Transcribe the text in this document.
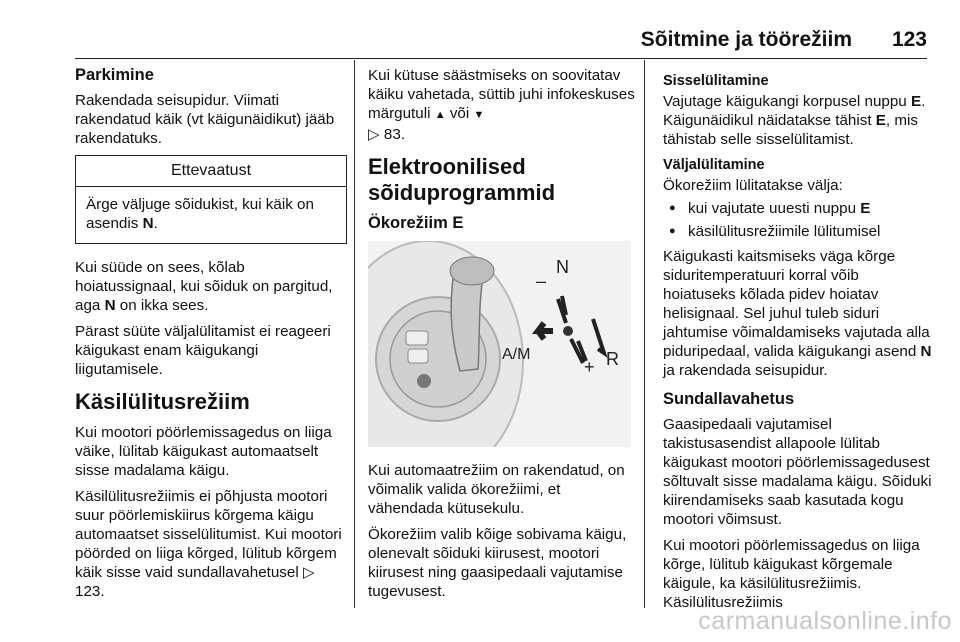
Sõitmine ja töörežiim 123
Parkimine

Rakendada seisupidur. Viimati rakendatud käik (vt käigunäidikut) jääb rakendatuks.

Ettevaatust
Ärge väljuge sõidukist, kui käik on asendis N.

Kui süüde on sees, kõlab hoiatussignaal, kui sõiduk on pargitud, aga N on ikka sees.

Pärast süüte väljalülitamist ei reageeri käigukast enam käigukangi liigutamisele.

Käsilülitusrežiim

Kui mootori pöörlemissagedus on liiga väike, lülitab käigukast automaatselt sisse madalama käigu.

Käsilülitusrežiimis ei põhjusta mootori suur pöörlemiskiirus kõrgema käigu automaatset sisselülitumist. Kui mootori pöörded on liiga kõrged, lülitub kõrgem käik sisse vaid sundallavahetusel ▷ 123.

Kui kütuse säästmiseks on soovitatav käiku vahetada, süttib juhi infokeskuses märgutuli ▲ või ▼
▷ 83.

Elektroonilised sõiduprogrammid
Ökorežiim E
N
–
A/M
+ R

Kui automaatrežiim on rakendatud, on võimalik valida ökorežiimi, et vähendada kütusekulu.

Ökorežiim valib kõige sobivama käigu, olenevalt sõiduki kiirusest, mootori kiirusest ning gaasipedaali vajutamise tugevusest.

Sisselülitamine

Vajutage käigukangi korpusel nuppu E. Käigunäidikul näidatakse tähist E, mis tähistab selle sisselülitamist.

Väljalülitamine

Ökorežiim lülitatakse välja:

● kui vajutate uuesti nuppu E
● käsilülitusrežiimile lülitumisel

Käigukasti kaitsmiseks väga kõrge siduritemperatuuri korral võib hoiatuseks kõlada pidev hoiatav helisignaal. Sel juhul tuleb siduri jahtumise võimaldamiseks vajutada alla piduripedaal, valida käigukangi asend N ja rakendada seisupidur.

Sundallavahetus

Gaasipedaali vajutamisel takistusasendist allapoole lülitab käigukast mootori pöörlemissagedusest sõltuvalt sisse madalama käigu. Sõiduki kiirendamiseks saab kasutada kogu mootori võimsust.

Kui mootori pöörlemissagedus on liiga kõrge, lülitub käigukast kõrgemale käigule, ka käsilülitusrežiimis. Käsilülitusrežiimis

carmanualsonline.info
